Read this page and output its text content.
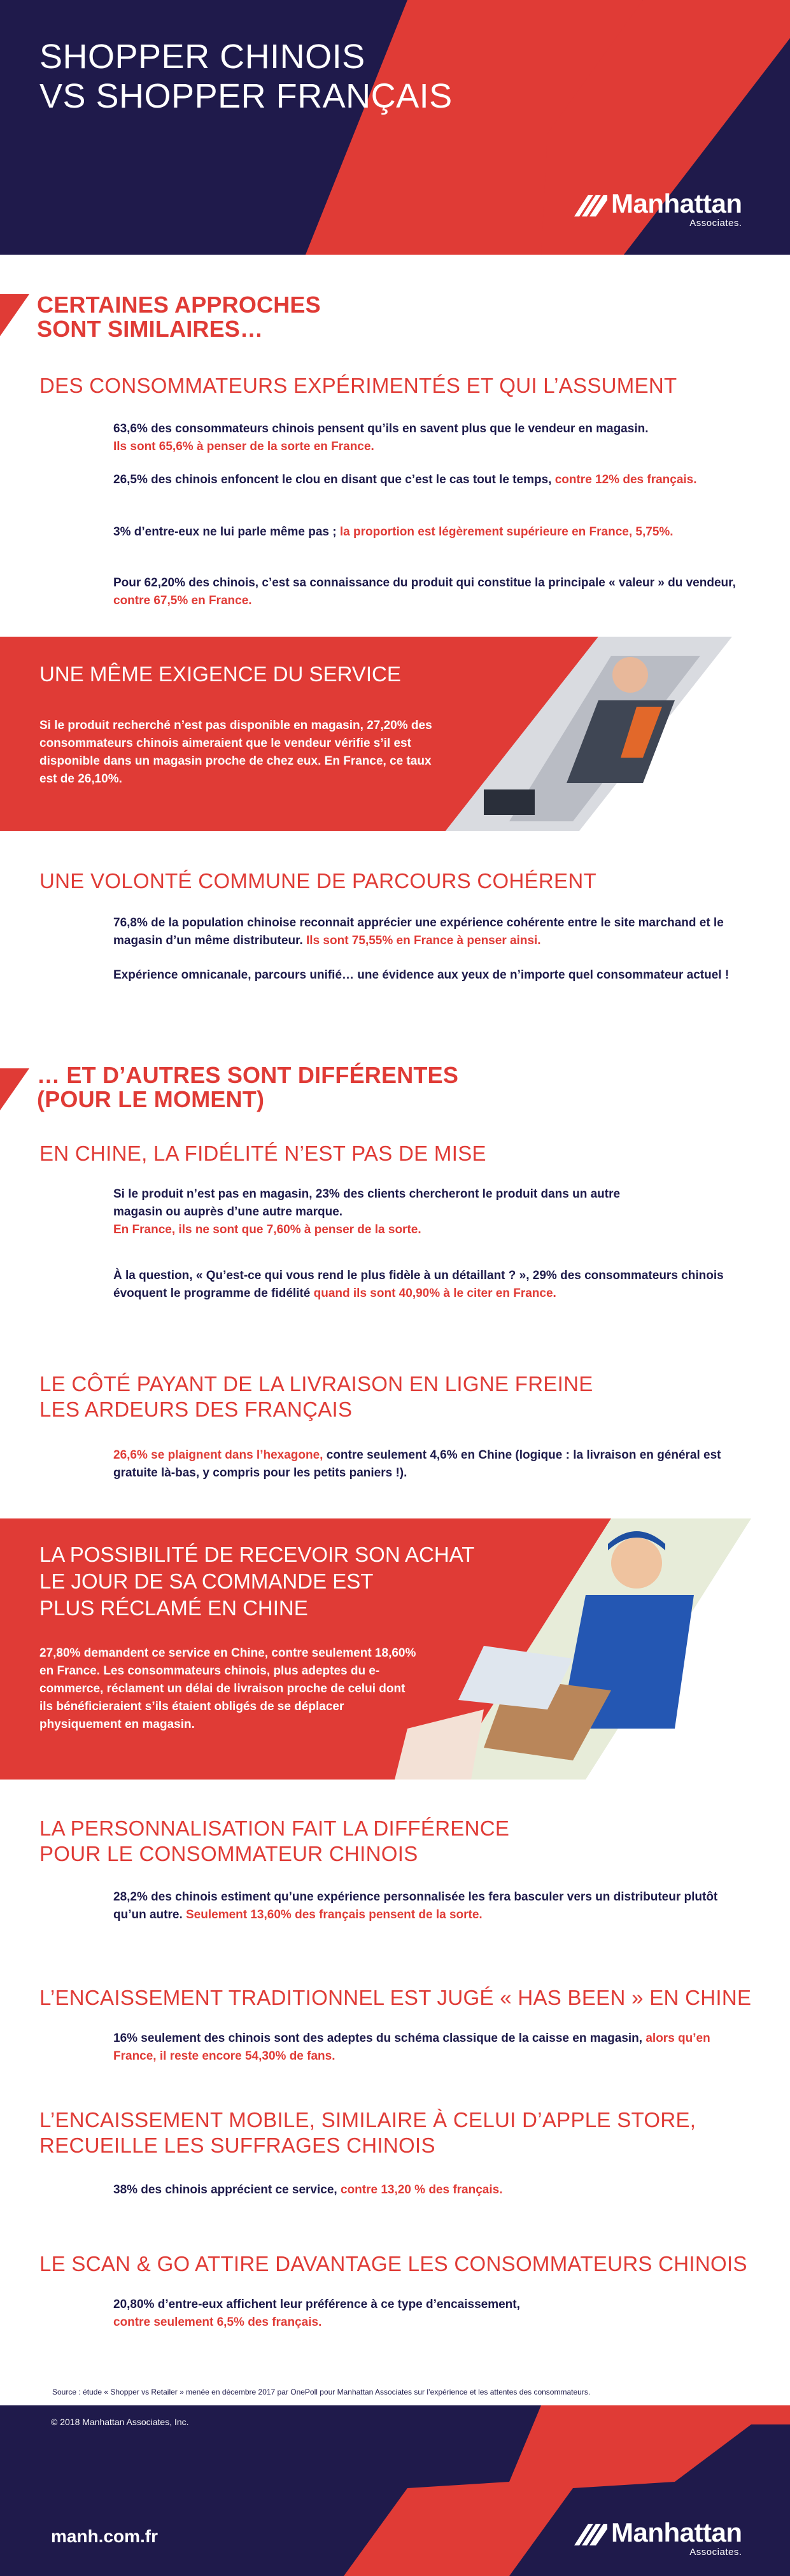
SHOPPER CHINOIS
VS SHOPPER FRANÇAIS
Manhattan
Associates.
CERTAINES APPROCHES
SONT SIMILAIRES…
DES CONSOMMATEURS EXPÉRIMENTÉS ET QUI L’ASSUMENT
63,6% des consommateurs chinois pensent qu’ils en savent plus que le vendeur en magasin.
Ils sont 65,6% à penser de la sorte en France.
26,5% des chinois enfoncent le clou en disant que c’est le cas tout le temps, contre 12% des français.
3% d’entre-eux ne lui parle même pas ; la proportion est légèrement supérieure en France, 5,75%.
Pour 62,20% des chinois, c’est sa connaissance du produit qui constitue la principale « valeur » du vendeur, contre 67,5% en France.
UNE MÊME EXIGENCE DU SERVICE
Si le produit recherché n’est pas disponible en magasin, 27,20% des consommateurs chinois aimeraient que le vendeur vérifie s’il est disponible dans un magasin proche de chez eux. En France, ce taux est de 26,10%.
UNE VOLONTÉ COMMUNE DE PARCOURS COHÉRENT
76,8% de la population chinoise reconnait apprécier une expérience cohérente entre le site marchand et le magasin d’un même distributeur. Ils sont 75,55% en France à penser ainsi.
Expérience omnicanale, parcours unifié… une évidence aux yeux de n’importe quel consommateur actuel !
… ET D’AUTRES SONT DIFFÉRENTES
(POUR LE MOMENT)
EN CHINE, LA FIDÉLITÉ N’EST PAS DE MISE
Si le produit n’est pas en magasin, 23% des clients chercheront le produit dans un autre magasin ou auprès d’une autre marque.
En France, ils ne sont que 7,60% à penser de la sorte.
À la question, « Qu’est-ce qui vous rend le plus fidèle à un détaillant ? », 29% des consommateurs chinois évoquent le programme de fidélité quand ils sont 40,90% à le citer en France.
LE CÔTÉ PAYANT DE LA LIVRAISON EN LIGNE FREINE
LES ARDEURS DES FRANÇAIS
26,6% se plaignent dans l’hexagone, contre seulement 4,6% en Chine (logique : la livraison en général est gratuite là-bas, y compris pour les petits paniers !).
LA POSSIBILITÉ DE RECEVOIR SON ACHAT
LE JOUR DE SA COMMANDE EST
PLUS RÉCLAMÉ EN CHINE
27,80% demandent ce service en Chine, contre seulement 18,60% en France. Les consommateurs chinois, plus adeptes du e-commerce, réclament un délai de livraison proche de celui dont ils bénéficieraient s’ils étaient obligés de se déplacer physiquement en magasin.
LA PERSONNALISATION FAIT LA DIFFÉRENCE
POUR LE CONSOMMATEUR CHINOIS
28,2% des chinois estiment qu’une expérience personnalisée les fera basculer vers un distributeur plutôt qu’un autre. Seulement 13,60% des français pensent de la sorte.
L’ENCAISSEMENT TRADITIONNEL EST JUGÉ « HAS BEEN » EN CHINE
16% seulement des chinois sont des adeptes du schéma classique de la caisse en magasin, alors qu’en France, il reste encore 54,30% de fans.
L’ENCAISSEMENT MOBILE, SIMILAIRE À CELUI D’APPLE STORE,
RECUEILLE LES SUFFRAGES CHINOIS
38% des chinois apprécient ce service, contre 13,20 % des français.
LE SCAN & GO ATTIRE DAVANTAGE LES CONSOMMATEURS CHINOIS
20,80% d’entre-eux affichent leur préférence à ce type d’encaissement,
contre seulement 6,5% des français.
Source : étude « Shopper vs Retailer » menée en décembre 2017 par OnePoll pour Manhattan Associates sur l’expérience et les attentes des consommateurs.
© 2018 Manhattan Associates, Inc.
manh.com.fr	Manhattan
Associates.
